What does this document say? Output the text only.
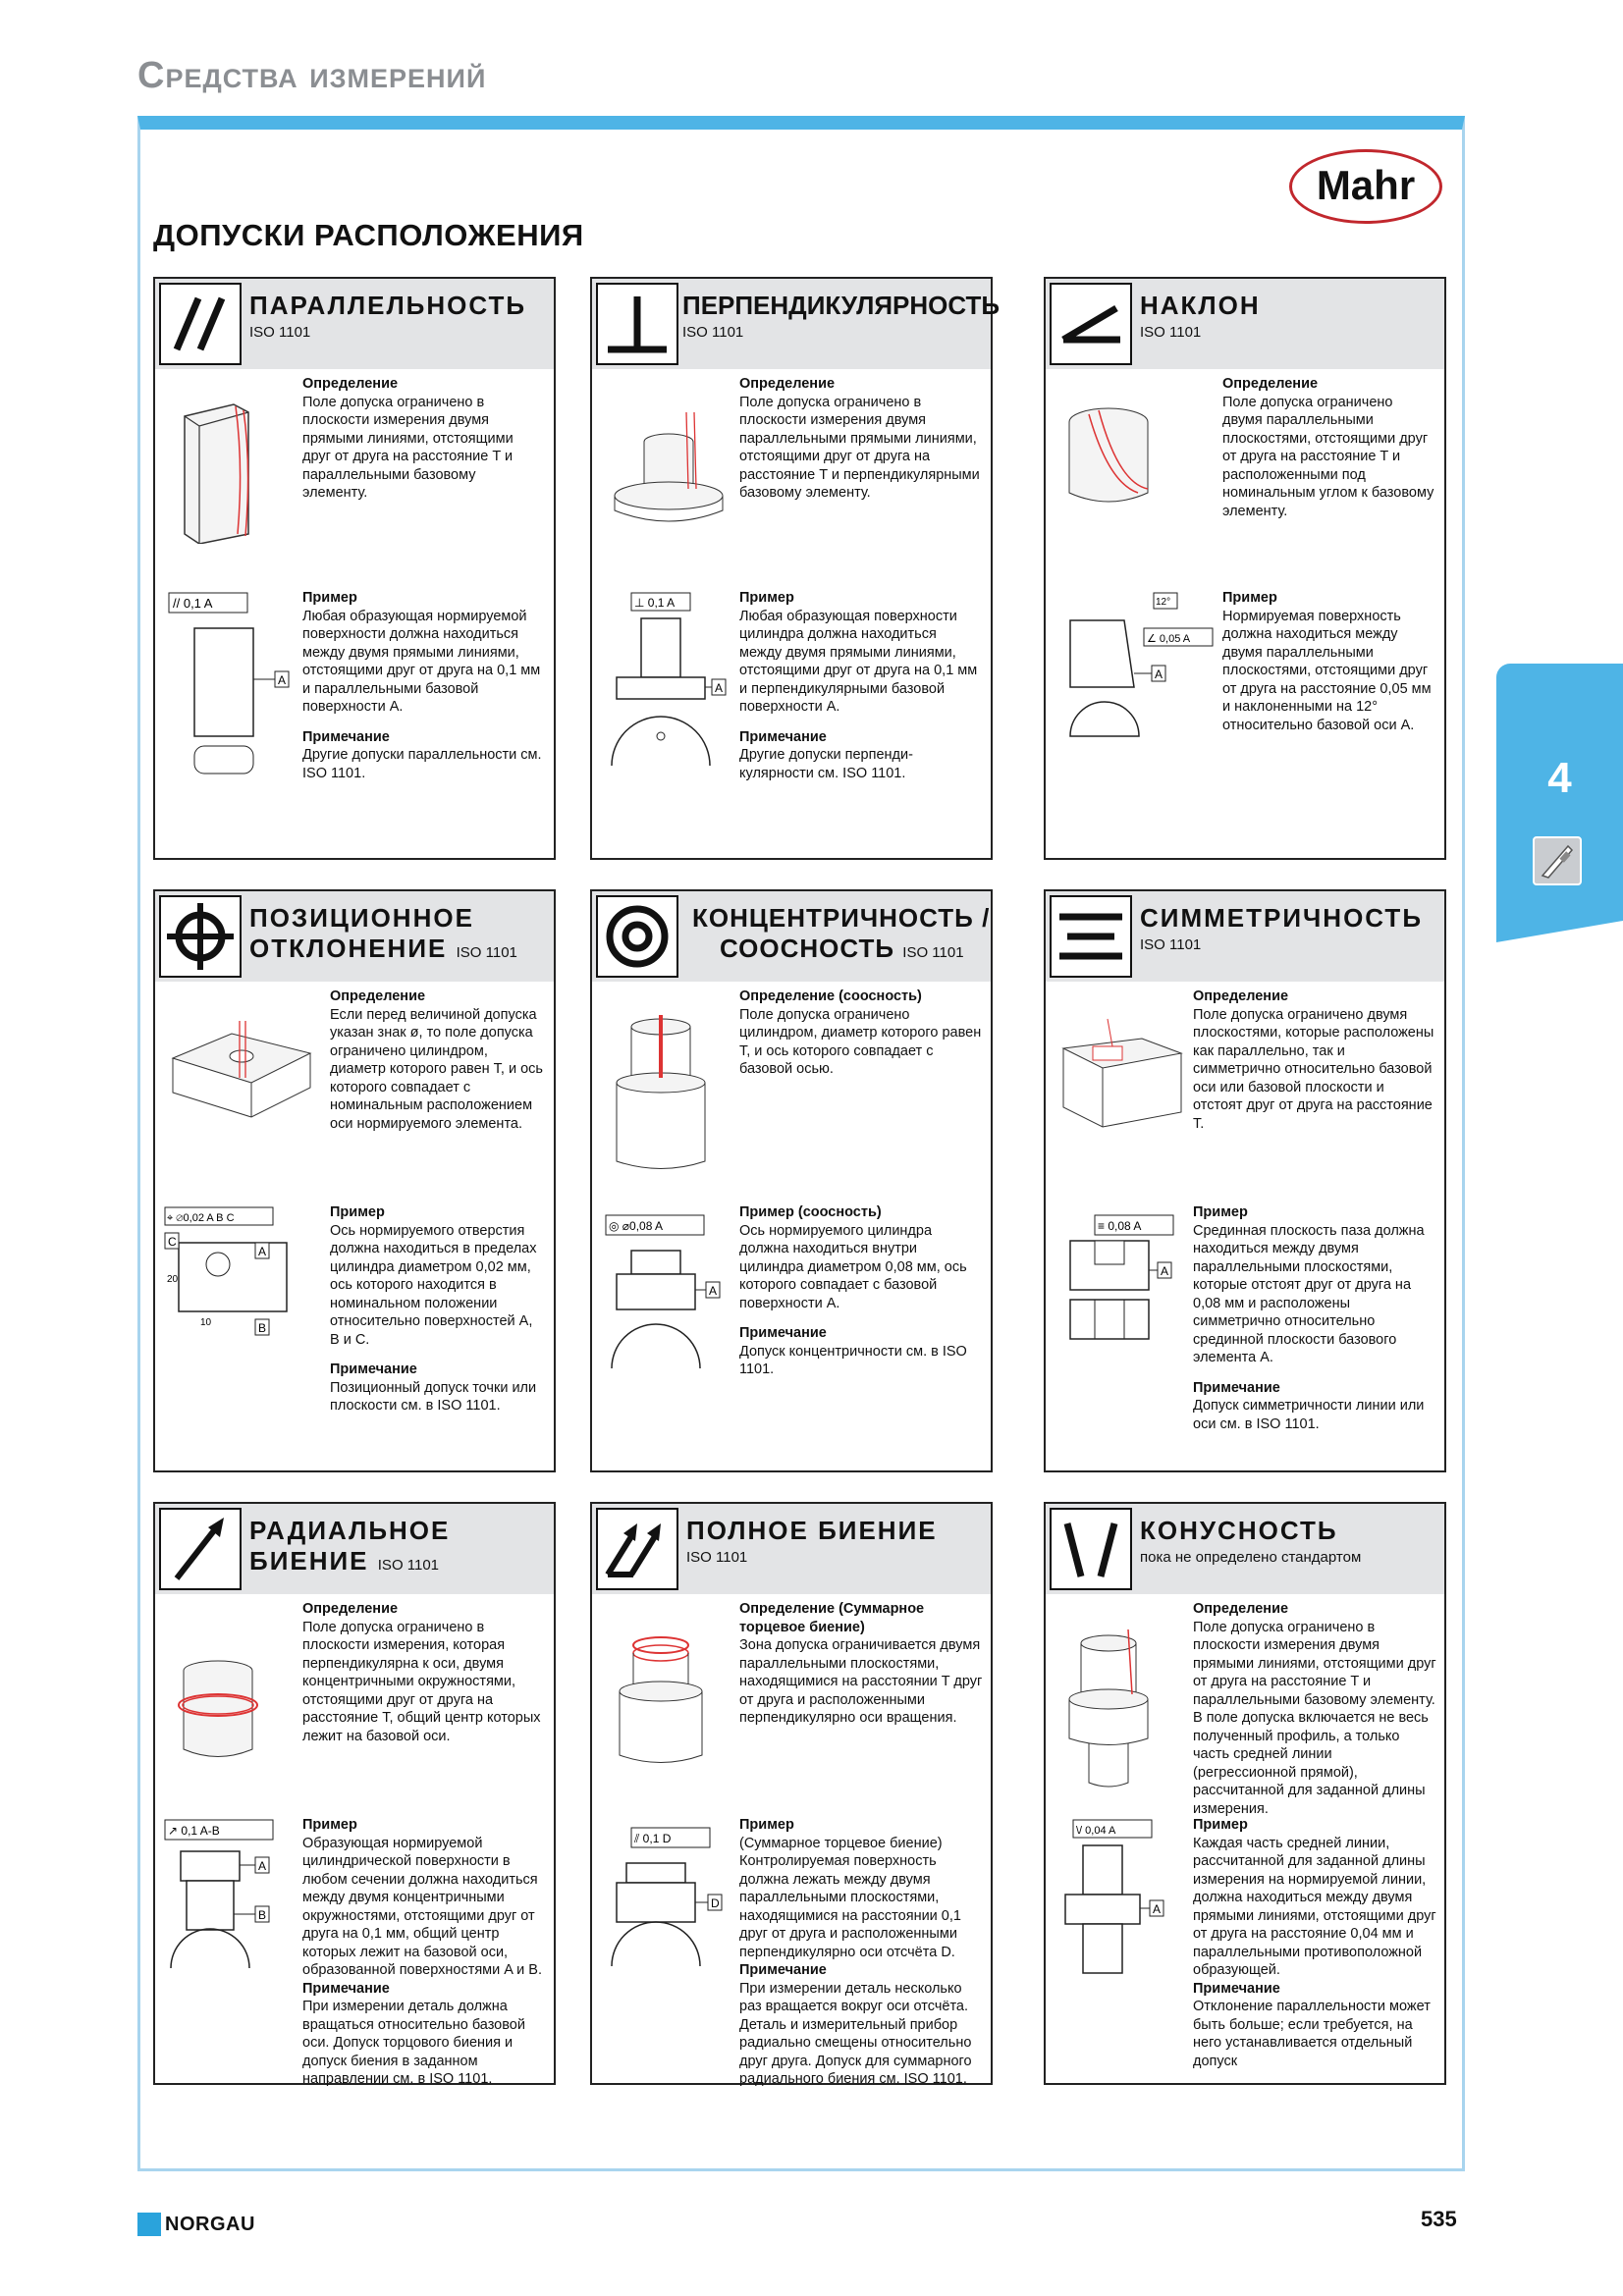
Средства измерений
Mahr
ДОПУСКИ РАСПОЛОЖЕНИЯ
4
ПАРАЛЛЕЛЬНОСТЬ
ISO 1101
Определение
Поле допуска ограничено в плоскости измерения двумя прямыми линиями, отстоящими друг от друга на расстояние T и параллельными базовому элементу.
// 0,1 A
A
Пример
Любая образующая нормируемой поверхности должна находиться между двумя прямыми линиями, отстоящими друг от друга на 0,1 мм и параллельными базовой поверхности A.
Примечание
Другие допуски параллельности см. ISO 1101.
ПЕРПЕНДИКУЛЯРНОСТЬ
ISO 1101
Определение
Поле допуска ограничено в плоскости измерения двумя параллельными прямыми линиями, отстоящими друг от друга на расстояние T и перпендикулярными базовому элементу.
⊥ 0,1 A
A
Пример
Любая образующая поверхности цилиндра должна находиться между двумя прямыми линиями, отстоящими друг от друга на 0,1 мм и перпендикулярными базовой поверхности A.
Примечание
Другие допуски перпенди-кулярности см. ISO 1101.
НАКЛОН
ISO 1101
Определение
Поле допуска ограничено двумя параллельными плоскостями, отстоящими друг от друга на расстояние T и расположенными под номинальным углом к базовому элементу.
12°
∠ 0,05 A
A
Пример
Нормируемая поверхность должна находиться между двумя параллельными плоскостями, отстоящими друг от друга на расстояние 0,05 мм и наклоненными на 12° относительно базовой оси A.
ПОЗИЦИОННОЕ
ОТКЛОНЕНИЕ ISO 1101
Определение
Если перед величиной допуска указан знак ø, то поле допуска ограничено цилиндром, диаметр которого равен T, и ось которого совпадает с номинальным расположением оси нормируемого элемента.
⌖ ⌀0,02 A B C
C
A
B
20
10
Пример
Ось нормируемого отверстия должна находиться в пределах цилиндра диаметром 0,02 мм, ось которого находится в номинальном положении относительно поверхностей A, B и C.
Примечание
Позиционный допуск точки или плоскости см. в ISO 1101.
КОНЦЕНТРИЧНОСТЬ /
СООСНОСТЬ ISO 1101
Определение (соосность)
Поле допуска ограничено цилиндром, диаметр которого равен T, и ось которого совпадает с базовой осью.
◎ ⌀0,08 A
A
Пример (соосность)
Ось нормируемого цилиндра должна находиться внутри цилиндра диаметром 0,08 мм, ось которого совпадает с базовой поверхности A.
Примечание
Допуск концентричности см. в ISO 1101.
СИММЕТРИЧНОСТЬ
ISO 1101
Определение
Поле допуска ограничено двумя плоскостями, которые расположены как параллельно, так и симметрично относительно базовой оси или базовой плоскости и отстоят друг от друга на расстояние T.
≡ 0,08 A
A
Пример
Срединная плоскость паза должна находиться между двумя параллельными плоскостями, которые отстоят друг от друга на 0,08 мм и расположены симметрично относительно срединной плоскости базового элемента A.
Примечание
Допуск симметричности линии или оси см. в ISO 1101.
РАДИАЛЬНОЕ
БИЕНИЕ ISO 1101
Определение
Поле допуска ограничено в плоскости измерения, которая перпендикулярна к оси, двумя концентричными окружностями, отстоящими друг от друга на расстояние T, общий центр которых лежит на базовой оси.
↗ 0,1 A-B
A
B
Пример
Образующая нормируемой цилиндрической поверхности в любом сечении должна находиться между двумя концентричными окружностями, отстоящими друг от друга на 0,1 мм, общий центр которых лежит на базовой оси, образованной поверхностями A и B.
Примечание
При измерении деталь должна вращаться относительно базовой оси. Допуск торцового биения и допуск биения в заданном направлении см. в ISO 1101.
ПОЛНОЕ БИЕНИЕ
ISO 1101
Определение (Суммарное торцевое биение)
Зона допуска ограничивается двумя параллельными плоскостями, находящимися на расстоянии T друг от друга и расположенными перпендикулярно оси вращения.
⫽ 0,1 D
D
Пример
(Суммарное торцевое биение) Контролируемая поверхность должна лежать между двумя параллельными плоскостями, находящимися на расстоянии 0,1 друг от друга и расположенными перпендикулярно оси отсчёта D.
Примечание
При измерении деталь несколько раз вращается вокруг оси отсчёта. Деталь и измерительный прибор радиально смещены относительно друг друга. Допуск для суммарного радиального биения см. ISO 1101.
КОНУСНОСТЬ
пока не определено стандартом
Определение
Поле допуска ограничено в плоскости измерения двумя прямыми линиями, отстоящими друг от друга на расстояние T и параллельными базовому элементу. В поле допуска включается не весь полученный профиль, а только часть средней линии (регрессионной прямой), рассчитанной для заданной длины измерения.
\/ 0,04 A
A
Пример
Каждая часть средней линии, рассчитанной для заданной длины измерения на нормируемой линии, должна находиться между двумя прямыми линиями, отстоящими друг от друга на расстояние 0,04 мм и параллельными противоположной образующей.
Примечание
Отклонение параллельности может быть больше; если требуется, на него устанавливается отдельный допуск
NORGAU	535
